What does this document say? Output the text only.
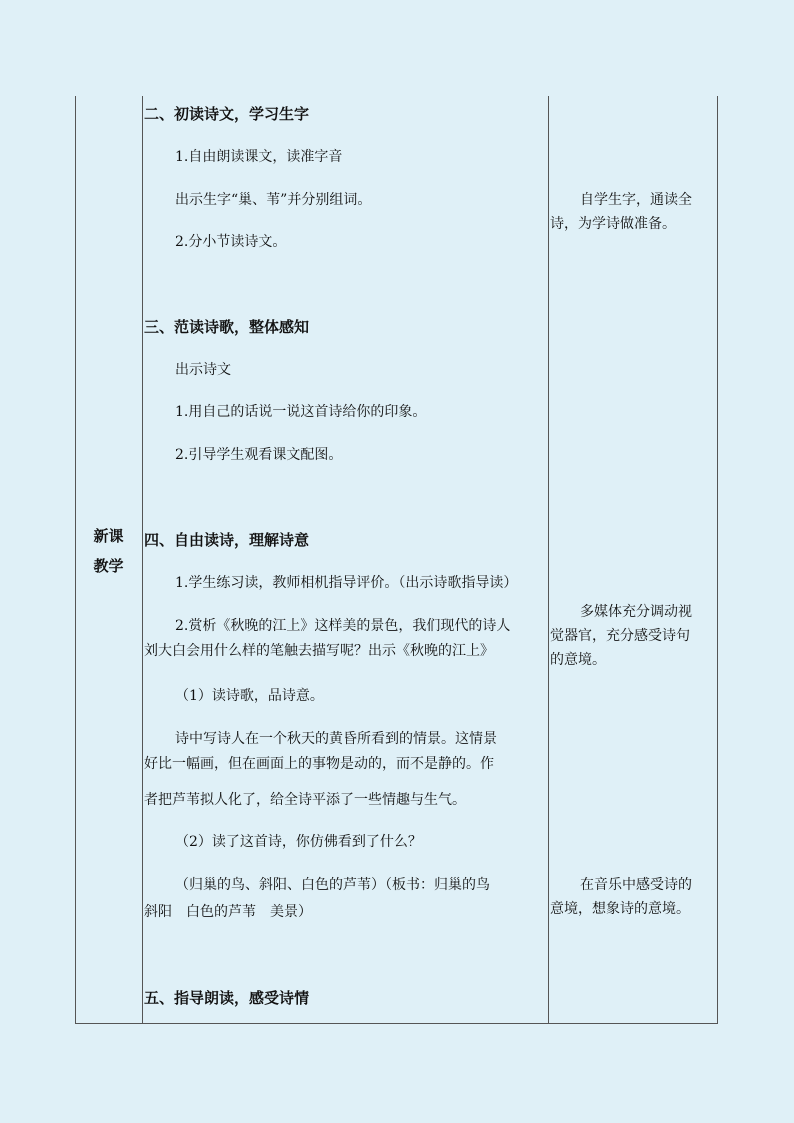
新课
教学
二、初读诗文，学习生字
1.自由朗读课文，读准字音
出示生字“巢、苇”并分别组词。
2.分小节读诗文。
三、范读诗歌，整体感知
出示诗文
1.用自己的话说一说这首诗给你的印象。
2.引导学生观看课文配图。
四、自由读诗，理解诗意
1.学生练习读，教师相机指导评价。（出示诗歌指导读）
2.赏析《秋晚的江上》这样美的景色，我们现代的诗人
刘大白会用什么样的笔触去描写呢？出示《秋晚的江上》
（1）读诗歌，品诗意。
诗中写诗人在一个秋天的黄昏所看到的情景。这情景
好比一幅画，但在画面上的事物是动的，而不是静的。作
者把芦苇拟人化了，给全诗平添了一些情趣与生气。
（2）读了这首诗，你仿佛看到了什么？
（归巢的鸟、斜阳、白色的芦苇）（板书：归巢的鸟
斜阳　白色的芦苇　美景）
五、指导朗读，感受诗情
自学生字，通读全
诗，为学诗做准备。
多媒体充分调动视
觉器官，充分感受诗句
的意境。
在音乐中感受诗的
意境，想象诗的意境。
